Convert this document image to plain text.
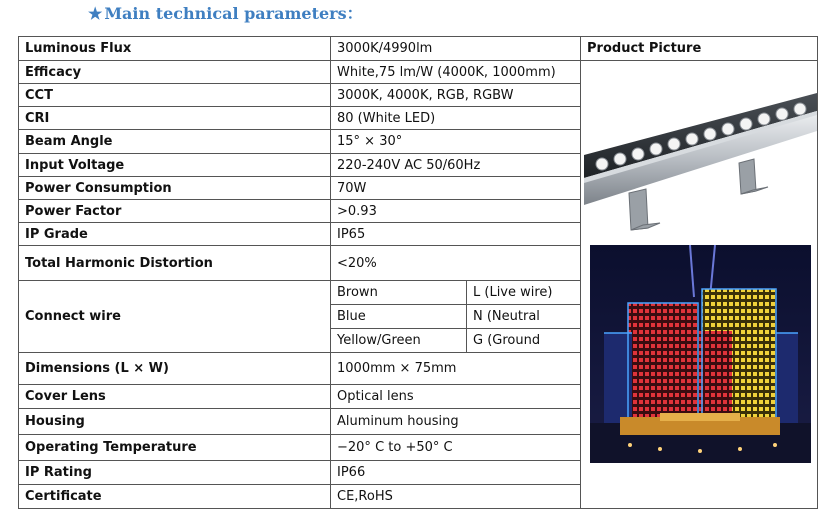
★ Main technical parameters：
Luminous Flux	3000K/4990lm		Product Picture
Efficacy	White,75 lm/W (4000K, 1000mm)	

CCT	3000K, 4000K, RGB, RGBW		
CRI	80 (White LED)		
Beam Angle	15° × 30°		
Input Voltage	220-240V AC 50/60Hz		
Power Consumption	70W		
Power Factor	>0.93		
IP Grade	IP65		
Total Harmonic Distortion	<20%		
Connect wire	Brown	L (Live wire)	
	Blue	N (Neutral	
	Yellow/Green	G (Ground	
Dimensions (L × W)	1000mm × 75mm		
Cover Lens	Optical lens		
Housing	Aluminum housing		
Operating Temperature	−20° C to +50° C		
IP Rating	IP66		
Certificate	CE,RoHS		
